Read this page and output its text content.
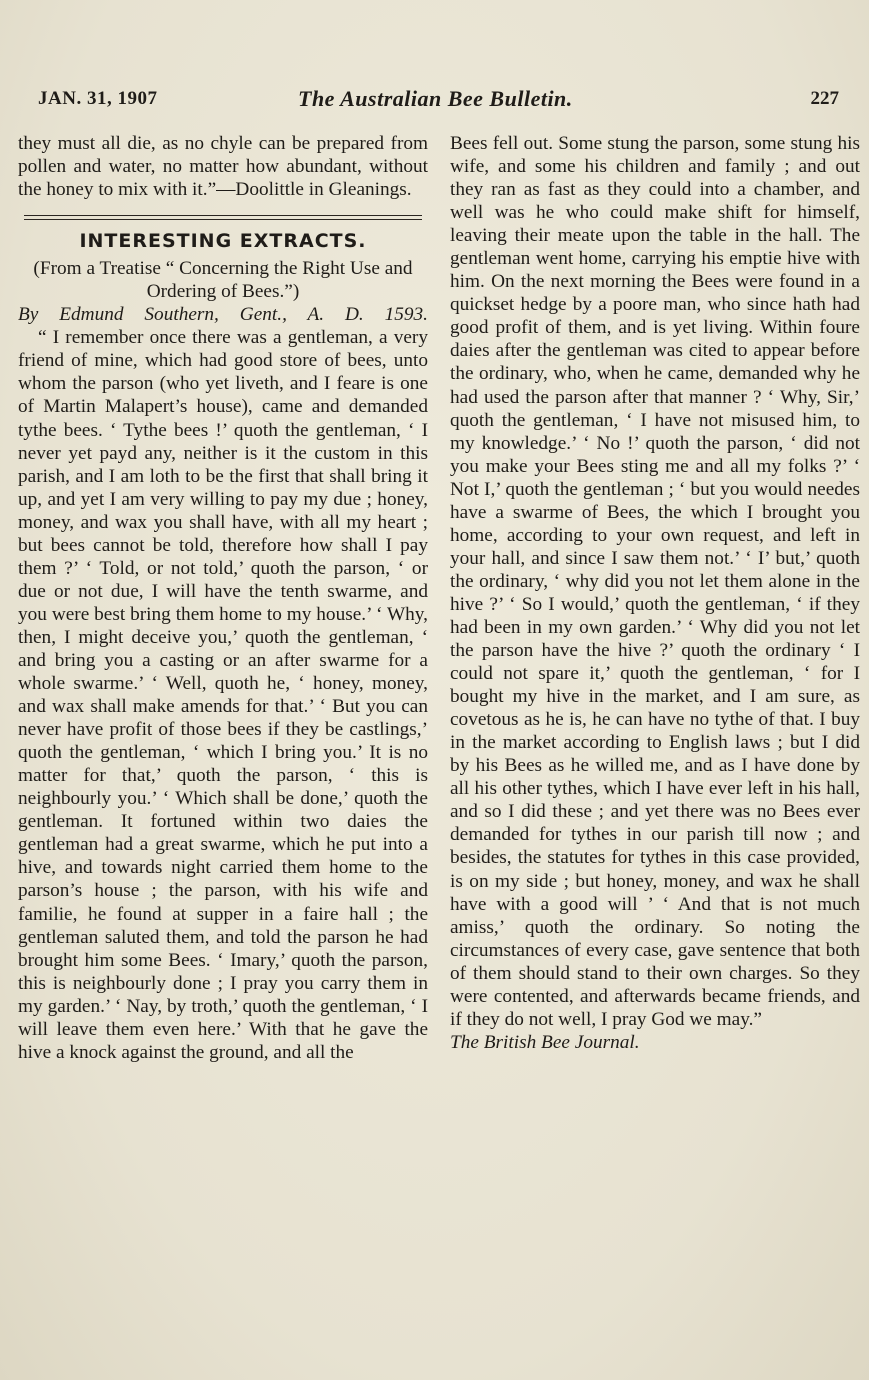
JAN. 31, 1907	The Australian Bee Bulletin.	227

they must all die, as no chyle can be prepared from pollen and water, no matter how abundant, without the honey to mix with it.”—Doolittle in Gleanings.

INTERESTING EXTRACTS.

(From a Treatise “ Concerning the Right Use and Ordering of Bees.”)

By Edmund Southern, Gent., A. D. 1593.

“ I remember once there was a gentleman, a very friend of mine, which had good store of bees, unto whom the parson (who yet liveth, and I feare is one of Martin Malapert’s house), came and demanded tythe bees. ‘ Tythe bees !’ quoth the gentleman, ‘ I never yet payd any, neither is it the custom in this parish, and I am loth to be the first that shall bring it up, and yet I am very willing to pay my due ; honey, money, and wax you shall have, with all my heart ; but bees cannot be told, therefore how shall I pay them ?’ ‘ Told, or not told,’ quoth the parson, ‘ or due or not due, I will have the tenth swarme, and you were best bring them home to my house.’ ‘ Why, then, I might deceive you,’ quoth the gentleman, ‘ and bring you a casting or an after swarme for a whole swarme.’ ‘ Well, quoth he, ‘ honey, money, and wax shall make amends for that.’ ‘ But you can never have profit of those bees if they be castlings,’ quoth the gentleman, ‘ which I bring you.’ It is no matter for that,’ quoth the parson, ‘ this is neighbourly you.’ ‘ Which shall be done,’ quoth the gentleman. It fortuned within two daies the gentleman had a great swarme, which he put into a hive, and towards night carried them home to the parson’s house ; the parson, with his wife and familie, he found at supper in a faire hall ; the gentleman saluted them, and told the parson he had brought him some Bees. ‘ Imary,’ quoth the parson, this is neighbourly done ; I pray you carry them in my garden.’ ‘ Nay, by troth,’ quoth the gentleman, ‘ I will leave them even here.’ With that he gave the hive a knock against the ground, and all the

Bees fell out. Some stung the parson, some stung his wife, and some his children and family ; and out they ran as fast as they could into a chamber, and well was he who could make shift for himself, leaving their meate upon the table in the hall. The gentleman went home, carrying his emptie hive with him. On the next morning the Bees were found in a quickset hedge by a poore man, who since hath had good profit of them, and is yet living. Within foure daies after the gentleman was cited to appear before the ordinary, who, when he came, demanded why he had used the parson after that manner ? ‘ Why, Sir,’ quoth the gentleman, ‘ I have not misused him, to my knowledge.’ ‘ No !’ quoth the parson, ‘ did not you make your Bees sting me and all my folks ?’ ‘ Not I,’ quoth the gentleman ; ‘ but you would needes have a swarme of Bees, the which I brought you home, according to your own request, and left in your hall, and since I saw them not.’ ‘ I’ but,’ quoth the ordinary, ‘ why did you not let them alone in the hive ?’ ‘ So I would,’ quoth the gentleman, ‘ if they had been in my own garden.’ ‘ Why did you not let the parson have the hive ?’ quoth the ordinary ‘ I could not spare it,’ quoth the gentleman, ‘ for I bought my hive in the market, and I am sure, as covetous as he is, he can have no tythe of that. I buy in the market according to English laws ; but I did by his Bees as he willed me, and as I have done by all his other tythes, which I have ever left in his hall, and so I did these ; and yet there was no Bees ever demanded for tythes in our parish till now ; and besides, the statutes for tythes in this case provided, is on my side ; but honey, money, and wax he shall have with a good will ’ ‘ And that is not much amiss,’ quoth the ordinary. So noting the circumstances of every case, gave sentence that both of them should stand to their own charges. So they were contented, and afterwards became friends, and if they do not well, I pray God we may.”

The British Bee Journal.
